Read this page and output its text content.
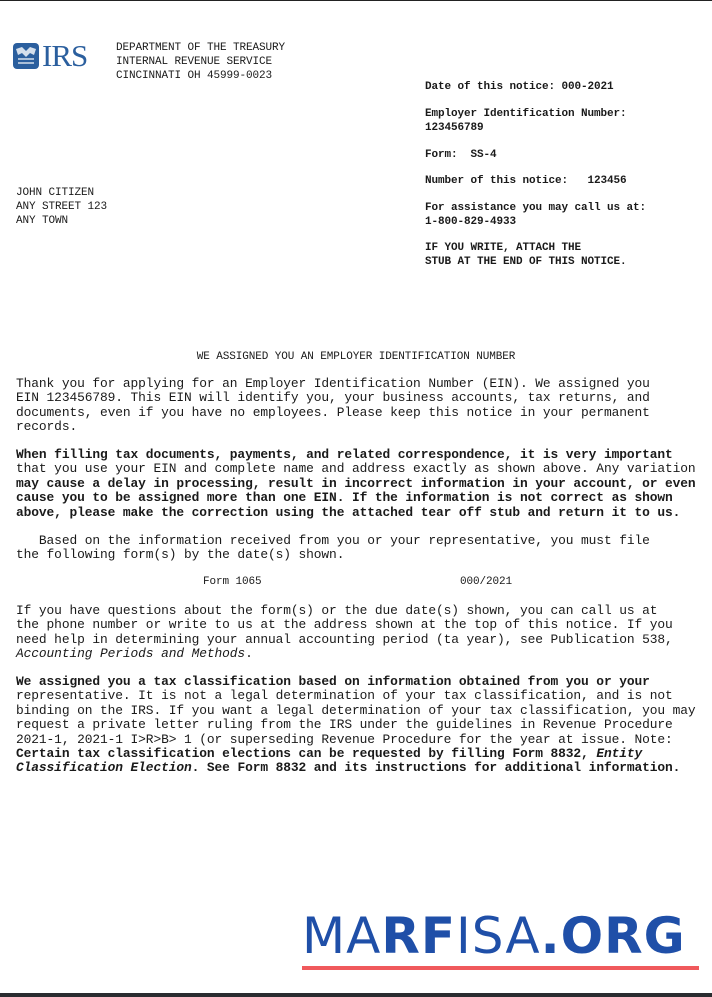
IRS	DEPARTMENT OF THE TREASURY
INTERNAL REVENUE SERVICE
CINCINNATI OH 45999-0023
Date of this notice: 000-2021
Employer Identification Number:
123456789
Form:  SS-4
Number of this notice:   123456
For assistance you may call us at:
1-800-829-4933
IF YOU WRITE, ATTACH THE
STUB AT THE END OF THIS NOTICE.
JOHN CITIZEN
ANY STREET 123
ANY TOWN
WE ASSIGNED YOU AN EMPLOYER IDENTIFICATION NUMBER
Thank you for applying for an Employer Identification Number (EIN). We assigned you
EIN 123456789. This EIN will identify you, your business accounts, tax returns, and
documents, even if you have no employees. Please keep this notice in your permanent
records.
When filling tax documents, payments, and related correspondence, it is very important
that you use your EIN and complete name and address exactly as shown above. Any variation
may cause a delay in processing, result in incorrect information in your account, or even
cause you to be assigned more than one EIN. If the information is not correct as shown
above, please make the correction using the attached tear off stub and return it to us.
Based on the information received from you or your representative, you must file
the following form(s) by the date(s) shown.
Form 1065	000/2021
If you have questions about the form(s) or the due date(s) shown, you can call us at
the phone number or write to us at the address shown at the top of this notice. If you
need help in determining your annual accounting period (ta year), see Publication 538,
Accounting Periods and Methods.
We assigned you a tax classification based on information obtained from you or your
representative. It is not a legal determination of your tax classification, and is not
binding on the IRS. If you want a legal determination of your tax classification, you may
request a private letter ruling from the IRS under the guidelines in Revenue Procedure
2021-1, 2021-1 I>R>B> 1 (or superseding Revenue Procedure for the year at issue. Note:
Certain tax classification elections can be requested by filling Form 8832, Entity
Classification Election. See Form 8832 and its instructions for additional information.
MARFISA.ORG
